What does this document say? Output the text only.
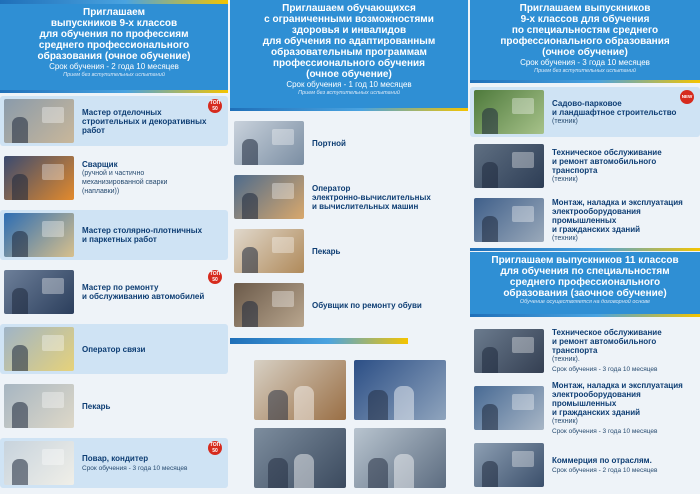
Приглашаем
выпускников 9-х классов
для обучения по профессиям
среднего профессионального
образования (очное обучение)
Срок обучения - 2 года 10 месяцев
Прием без вступительных испытаний
Мастер отделочных
строительных и декоративных
работ
ТОП 50
Сварщик
(ручной и частично
механизированной сварки
(наплавки))
Мастер столярно-плотничных
и паркетных работ
Мастер по ремонту
и обслуживанию автомобилей
ТОП 50
Оператор связи
Пекарь
Повар, кондитер
Срок обучения - 3 года 10 месяцев
ТОП 50
Приглашаем обучающихся
с ограниченными возможностями
здоровья и инвалидов
для обучения по адаптированным
образовательным программам
профессионального обучения
(очное обучение)
Срок обучения - 1 год 10 месяцев
Прием без вступительных испытаний
Портной
Оператор
электронно-вычислительных
и вычислительных машин
Пекарь
Обувщик по ремонту обуви
Приглашаем выпускников
9-х классов для обучения
по специальностям среднего
профессионального образования
(очное обучение)
Срок обучения - 3 года 10 месяцев
Прием без вступительных испытаний
Садово-парковое
и ландшафтное строительство
(техник)
NEW
Техническое обслуживание
и ремонт автомобильного
транспорта
(техник)
Монтаж, наладка и эксплуатация
электрооборудования
промышленных
и гражданских зданий
(техник)
Приглашаем выпускников 11 классов
для обучения по специальностям
среднего профессионального
образования (заочное обучение)
Обучение осуществляется на договорной основе
Техническое обслуживание
и ремонт автомобильного
транспорта
(техник).
Срок обучения - 3 года 10 месяцев
Монтаж, наладка и эксплуатация
электрооборудования
промышленных
и гражданских зданий
(техник)
Срок обучения - 3 года 10 месяцев
Коммерция по отраслям.
Срок обучения - 2 года 10 месяцев
